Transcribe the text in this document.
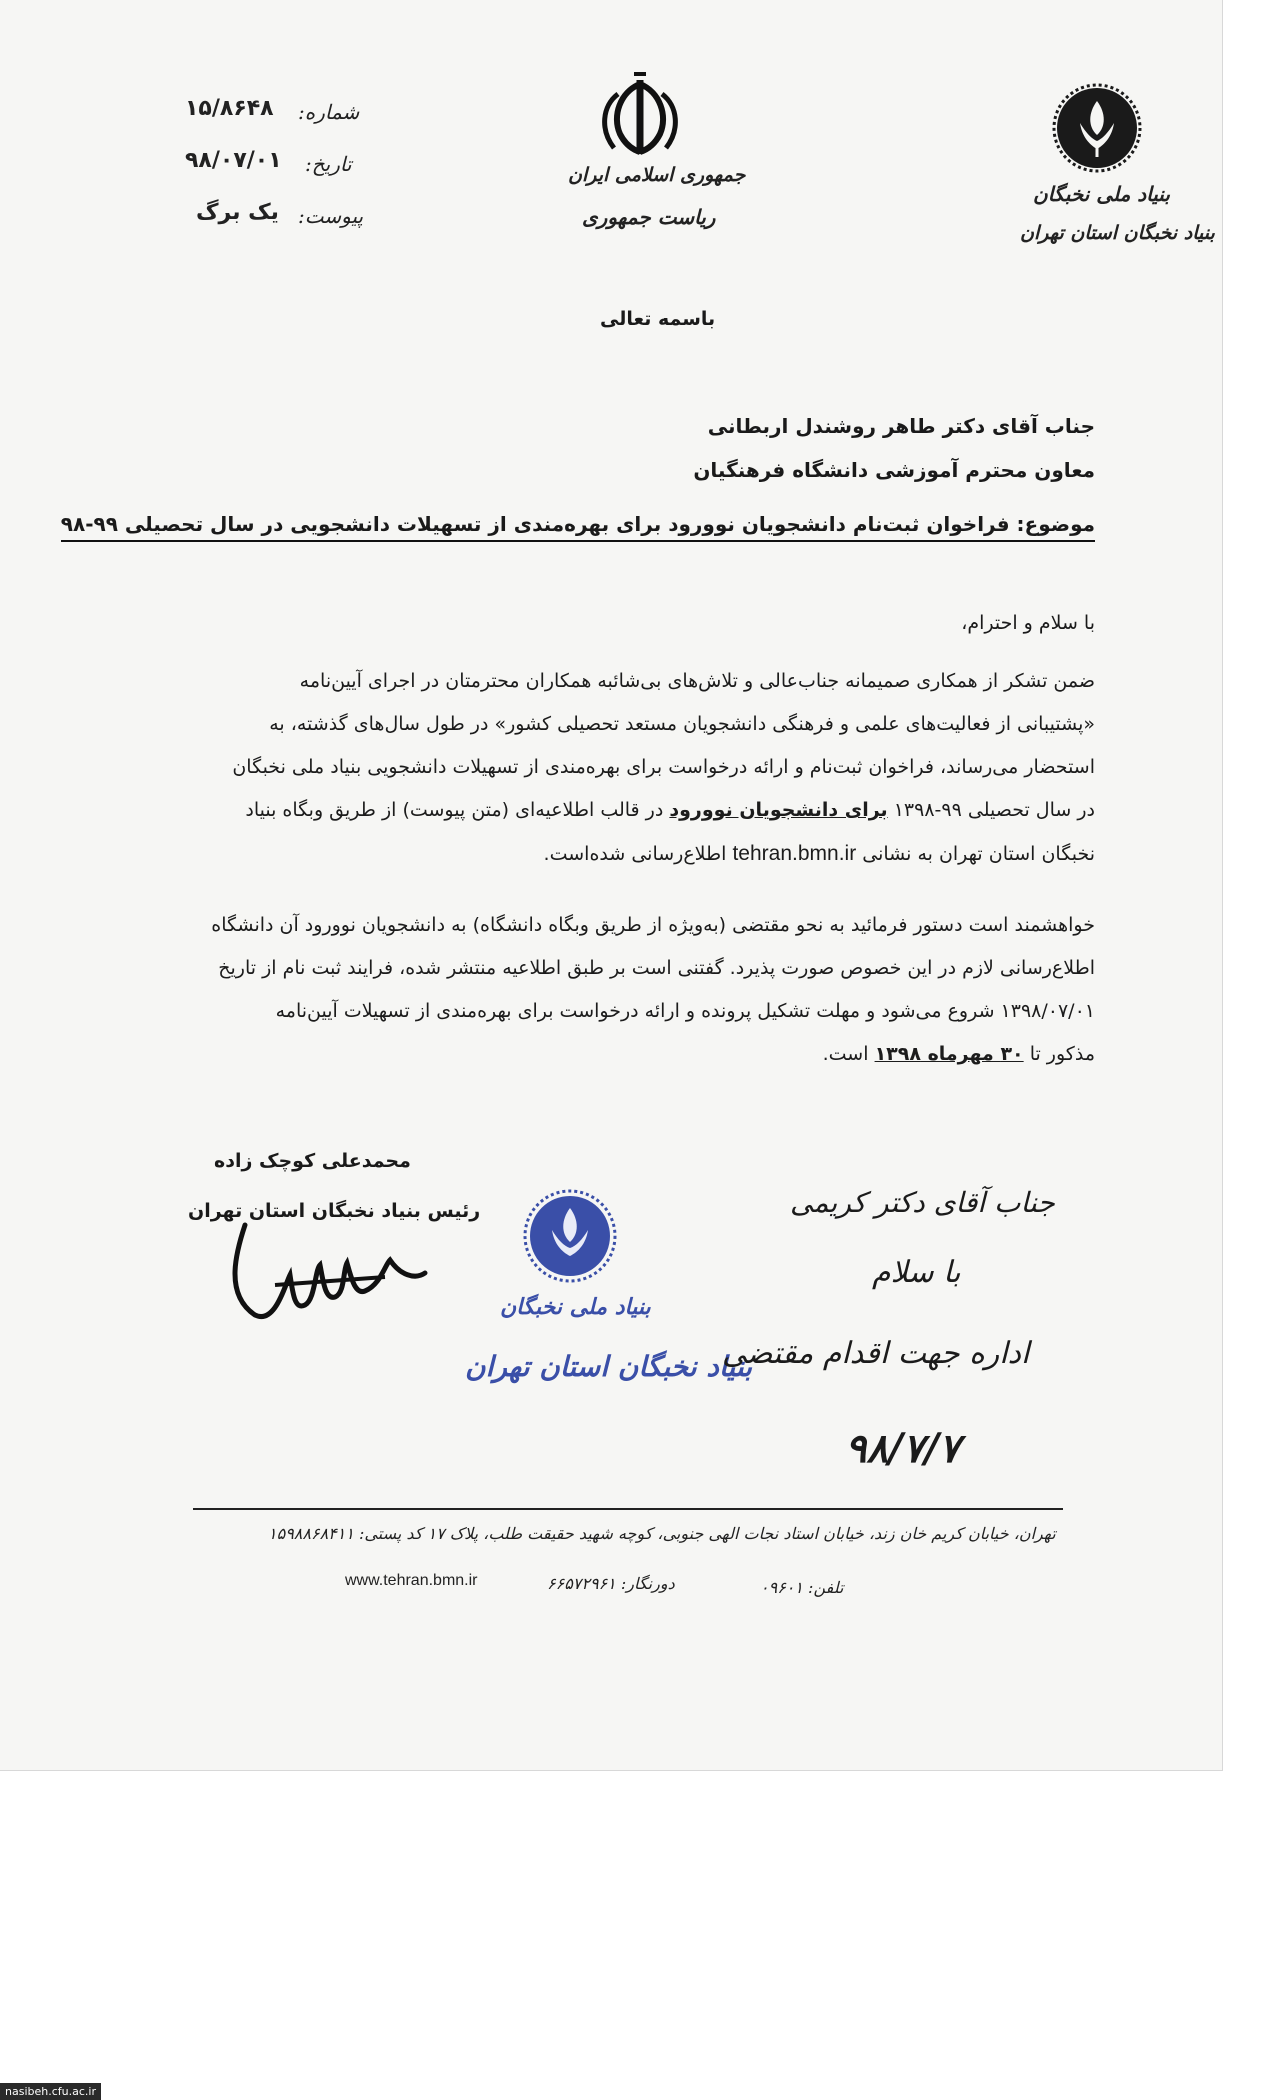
شماره:
۱۵/۸۶۴۸
تاریخ:
۹۸/۰۷/۰۱
پیوست:
یک برگ
جمهوری اسلامی ایران
ریاست جمهوری
بنیاد ملی نخبگان
بنیاد نخبگان استان تهران
باسمه تعالی
جناب آقای دکتر طاهر روشندل اربطانی
معاون محترم آموزشی دانشگاه فرهنگیان
موضوع: فراخوان ثبت‌نام دانشجویان نوورود برای بهره‌مندی از تسهیلات دانشجویی در سال تحصیلی ۹۹-۹۸
با سلام و احترام،
ضمن تشکر از همکاری صمیمانه جناب‌عالی و تلاش‌های بی‌شائبه همکاران محترمتان در اجرای آیین‌نامه
«پشتیبانی از فعالیت‌های علمی و فرهنگی دانشجویان مستعد تحصیلی کشور» در طول سال‌های گذشته، به
استحضار می‌رساند، فراخوان ثبت‌نام و ارائه درخواست برای بهره‌مندی از تسهیلات دانشجویی بنیاد ملی نخبگان
در سال تحصیلی ۹۹-۱۳۹۸ برای دانشجویان نوورود در قالب اطلاعیه‌ای (متن پیوست) از طریق وبگاه بنیاد
نخبگان استان تهران به نشانی tehran.bmn.ir اطلاع‌رسانی شده‌است.
خواهشمند است دستور فرمائید به نحو مقتضی (به‌ویژه از طریق وبگاه دانشگاه) به دانشجویان نوورود آن دانشگاه
اطلاع‌رسانی لازم در این خصوص صورت پذیرد. گفتنی است بر طبق اطلاعیه منتشر شده، فرایند ثبت نام از تاریخ
۱۳۹۸/۰۷/۰۱ شروع می‌شود و مهلت تشکیل پرونده و ارائه درخواست برای بهره‌مندی از تسهیلات آیین‌نامه
مذکور تا ۳۰ مهرماه ۱۳۹۸ است.
محمدعلی کوچک زاده
رئیس بنیاد نخبگان استان تهران
بنیاد ملی نخبگان
بنیاد نخبگان استان تهران
جناب آقای دکتر کریمی
با سلام
اداره جهت اقدام مقتضی
۹۸/۷/۷
تهران، خیابان کریم خان زند، خیابان استاد نجات الهی جنوبی، کوچه شهید حقیقت طلب، پلاک ۱۷ کد پستی: ۱۵۹۸۸۶۸۴۱۱
www.tehran.bmn.ir	دورنگار: ۶۶۵۷۲۹۶۱	تلفن: ۰۹۶۰۱
nasibeh.cfu.ac.ir
